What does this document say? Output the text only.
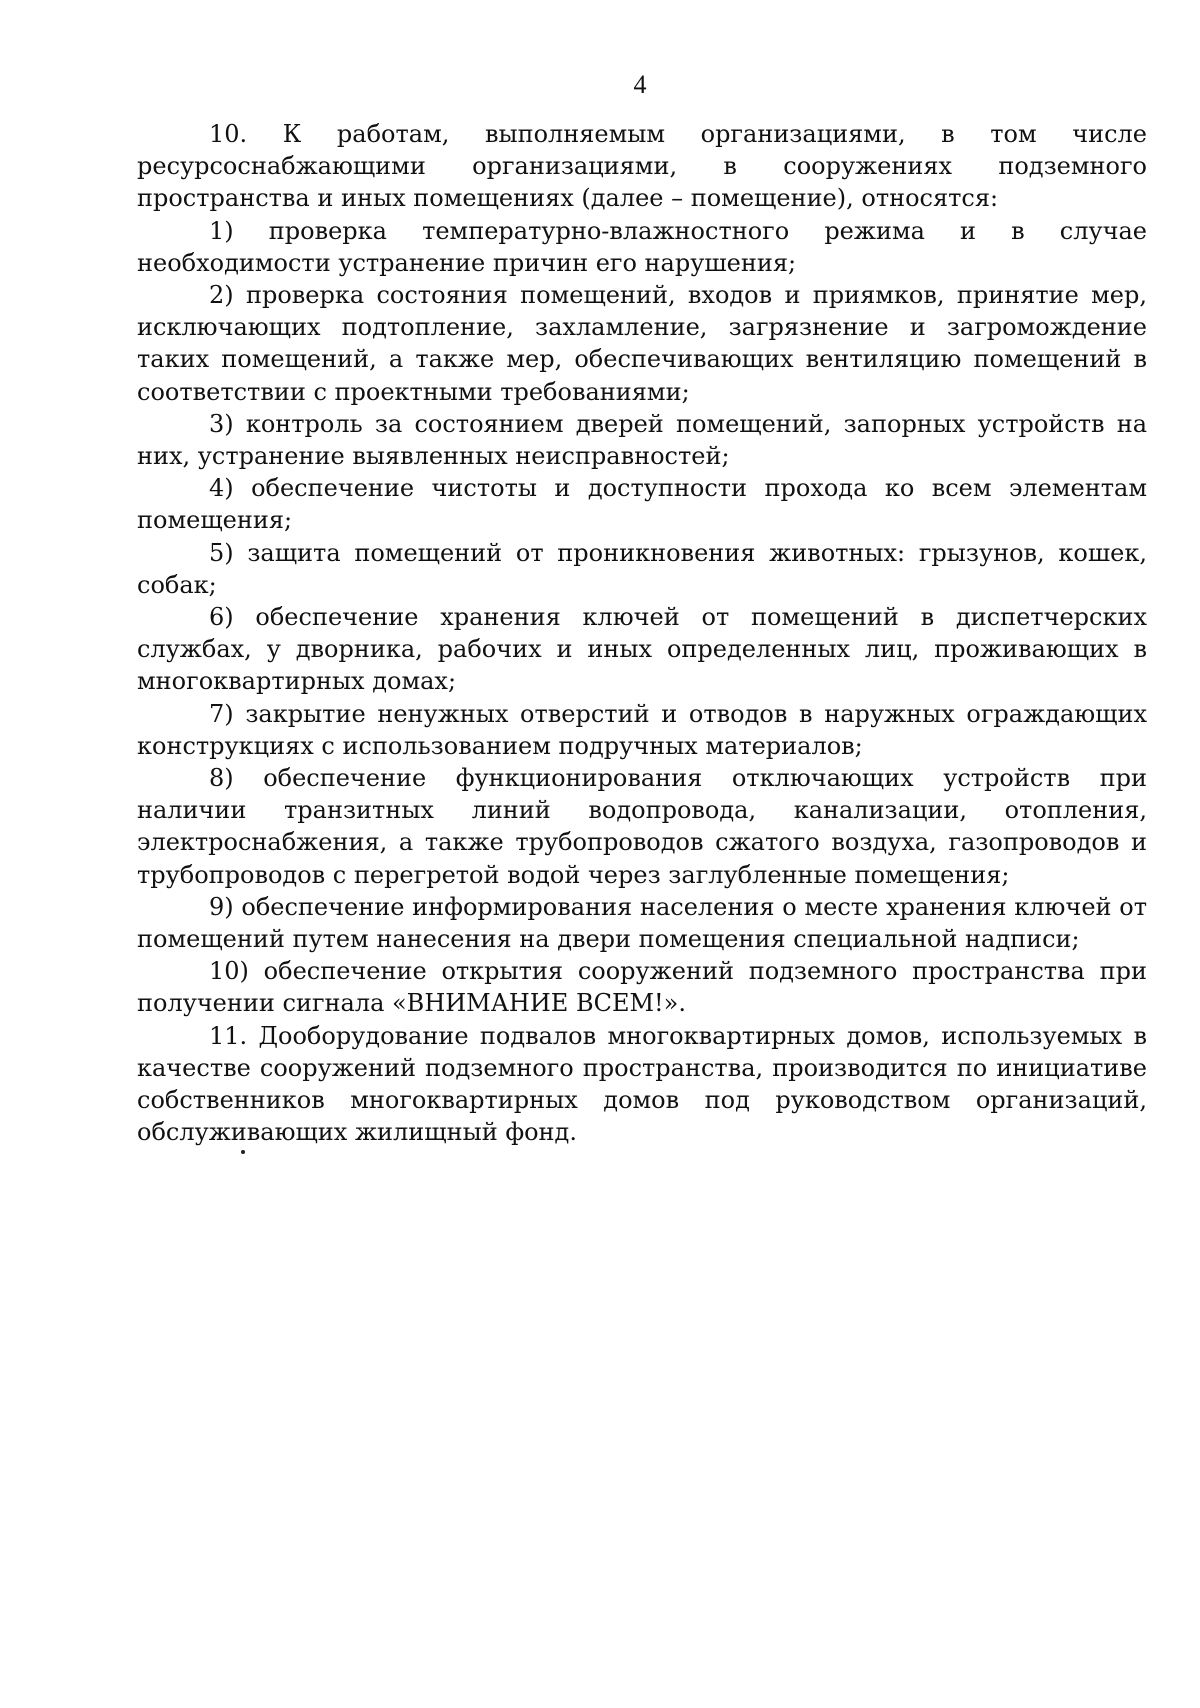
4

10. К работам, выполняемым организациями, в том числе ресурсоснабжающими организациями, в сооружениях подземного пространства и иных помещениях (далее – помещение), относятся:

1) проверка температурно-влажностного режима и в случае необходимости устранение причин его нарушения;

2) проверка состояния помещений, входов и приямков, принятие мер, исключающих подтопление, захламление, загрязнение и загромождение таких помещений, а также мер, обеспечивающих вентиляцию помещений в соответствии с проектными требованиями;

3) контроль за состоянием дверей помещений, запорных устройств на них, устранение выявленных неисправностей;

4) обеспечение чистоты и доступности прохода ко всем элементам помещения;

5) защита помещений от проникновения животных: грызунов, кошек, собак;

6) обеспечение хранения ключей от помещений в диспетчерских службах, у дворника, рабочих и иных определенных лиц, проживающих в многоквартирных домах;

7) закрытие ненужных отверстий и отводов в наружных ограждающих конструкциях с использованием подручных материалов;

8) обеспечение функционирования отключающих устройств при наличии транзитных линий водопровода, канализации, отопления, электроснабжения, а также трубопроводов сжатого воздуха, газопроводов и трубопроводов с перегретой водой через заглубленные помещения;

9) обеспечение информирования населения о месте хранения ключей от помещений путем нанесения на двери помещения специальной надписи;

10) обеспечение открытия сооружений подземного пространства при получении сигнала «ВНИМАНИЕ ВСЕМ!».

11. Дооборудование подвалов многоквартирных домов, используемых в качестве сооружений подземного пространства, производится по инициативе собственников многоквартирных домов под руководством организаций, обслуживающих жилищный фонд.
